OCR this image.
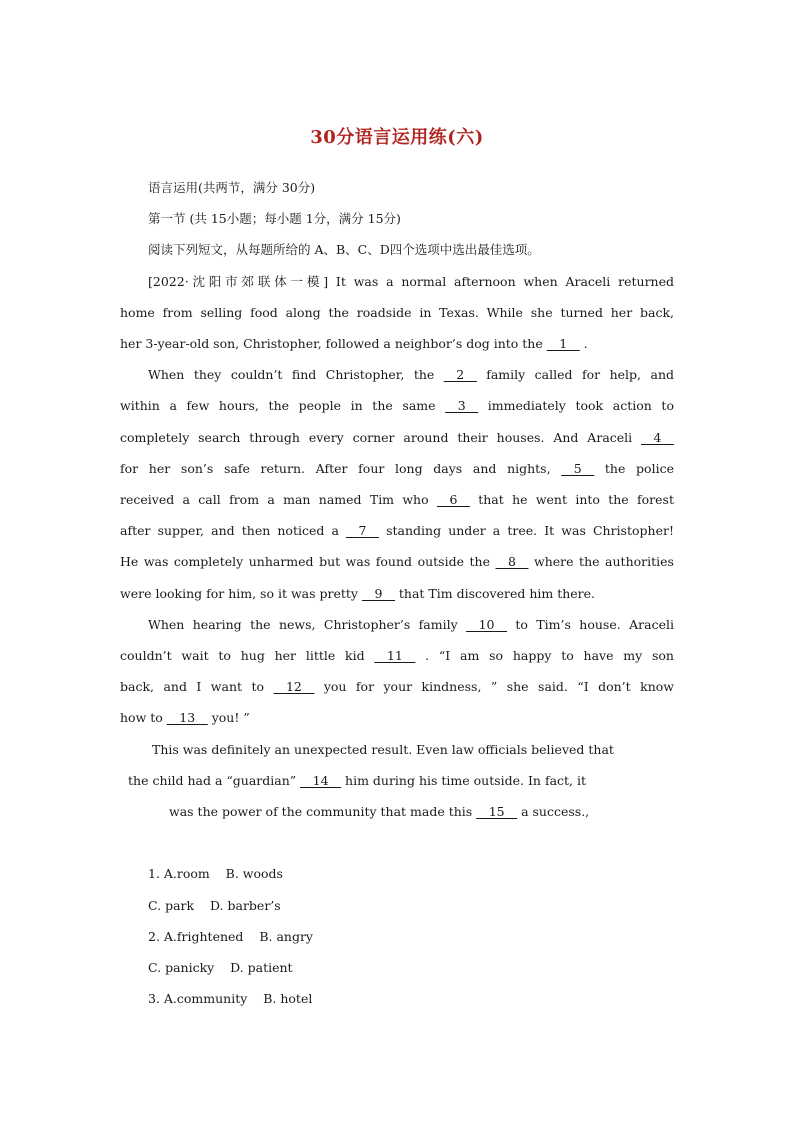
30分语言运用练(六)
语言运用(共两节，满分 30分)
第一节 (共 15小题；每小题 1分，满分 15分)
阅读下列短文，从每题所给的 A、B、C、D四个选项中选出最佳选项。
[2022·沈阳市郊联体一模] It was a normal afternoon when Araceli returned
home from selling food along the roadside in Texas. While she turned her back,
her 3-year-old son, Christopher, followed a neighbor’s dog into the __1__ .
When they couldn’t find Christopher, the __2__ family called for help, and
within a few hours, the people in the same __3__ immediately took action to
completely search through every corner around their houses. And Araceli __4__
for her son’s safe return. After four long days and nights, __5__ the police
received a call from a man named Tim who __6__ that he went into the forest
after supper, and then noticed a __7__ standing under a tree. It was Christopher!
He was completely unharmed but was found outside the __8__ where the authorities
were looking for him, so it was pretty __9__ that Tim discovered him there.
When hearing the news, Christopher’s family __10__ to Tim’s house. Araceli
couldn’t wait to hug her little kid __11__ . “I am so happy to have my son
back, and I want to __12__ you for your kindness, ” she said. “I don’t know
how to __13__ you! ”
This was definitely an unexpected result. Even law officials believed that
the child had a “guardian” __14__ him during his time outside. In fact, it
was the power of the community that made this __15__ a success.,
1. A.room    B. woods
C. park    D. barber’s
2. A.frightened    B. angry
C. panicky    D. patient
3. A.community    B. hotel
